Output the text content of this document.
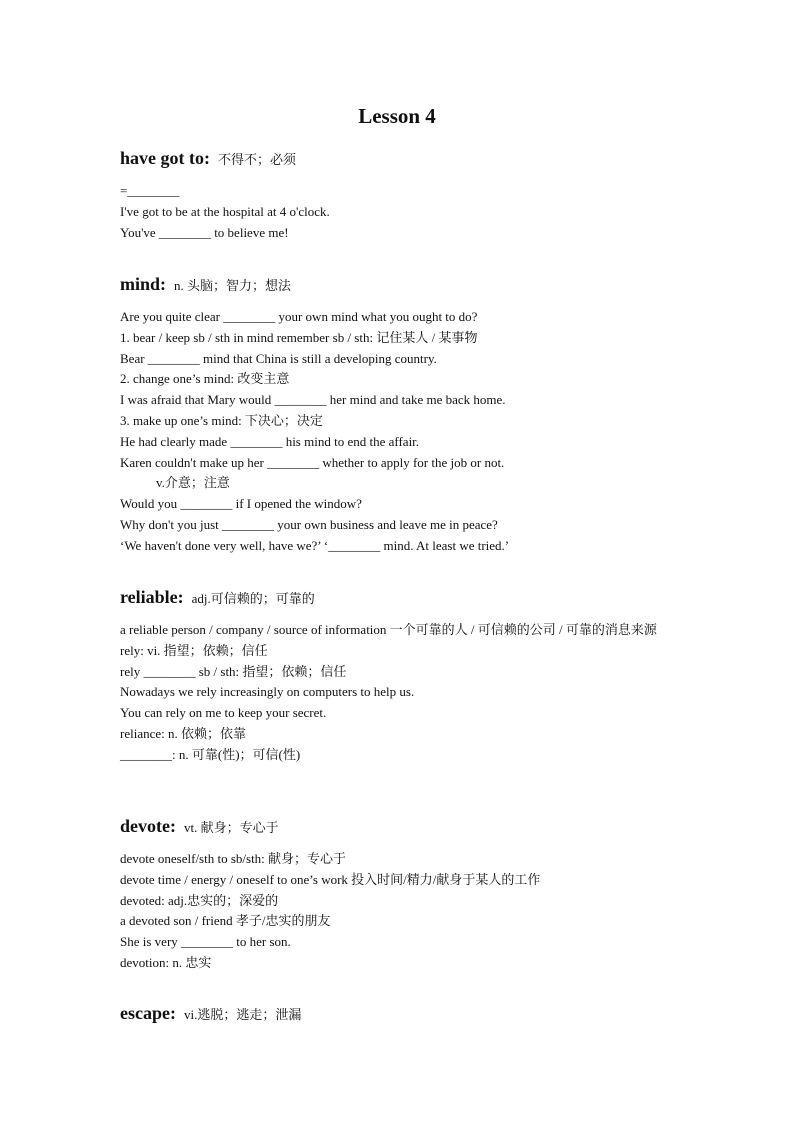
Lesson 4
have got to: 不得不；必须
=________
I've got to be at the hospital at 4 o'clock.
You've ________ to believe me!
mind: n. 头脑；智力；想法
Are you quite clear ________ your own mind what you ought to do?
1. bear / keep sb / sth in mind remember sb / sth: 记住某人 / 某事物
Bear ________ mind that China is still a developing country.
2. change one’s mind: 改变主意
I was afraid that Mary would ________ her mind and take me back home.
3. make up one’s mind: 下决心；决定
He had clearly made ________ his mind to end the affair.
Karen couldn't make up her ________ whether to apply for the job or not.
v.介意；注意
Would you ________ if I opened the window?
Why don't you just ________ your own business and leave me in peace?
‘We haven't done very well, have we?’ ‘________ mind. At least we tried.’
reliable: adj.可信赖的；可靠的
a reliable person / company / source of information 一个可靠的人 / 可信赖的公司 / 可靠的消息来源
rely: vi. 指望；依赖；信任
rely ________ sb / sth: 指望；依赖；信任
Nowadays we rely increasingly on computers to help us.
You can rely on me to keep your secret.
reliance: n. 依赖；依靠
________: n. 可靠(性)；可信(性)
devote: vt. 献身；专心于
devote oneself/sth to sb/sth: 献身；专心于
devote time / energy / oneself to one’s work 投入时间/精力/献身于某人的工作
devoted: adj.忠实的；深爱的
a devoted son / friend 孝子/忠实的朋友
She is very ________ to her son.
devotion: n. 忠实
escape: vi.逃脱；逃走；泄漏
